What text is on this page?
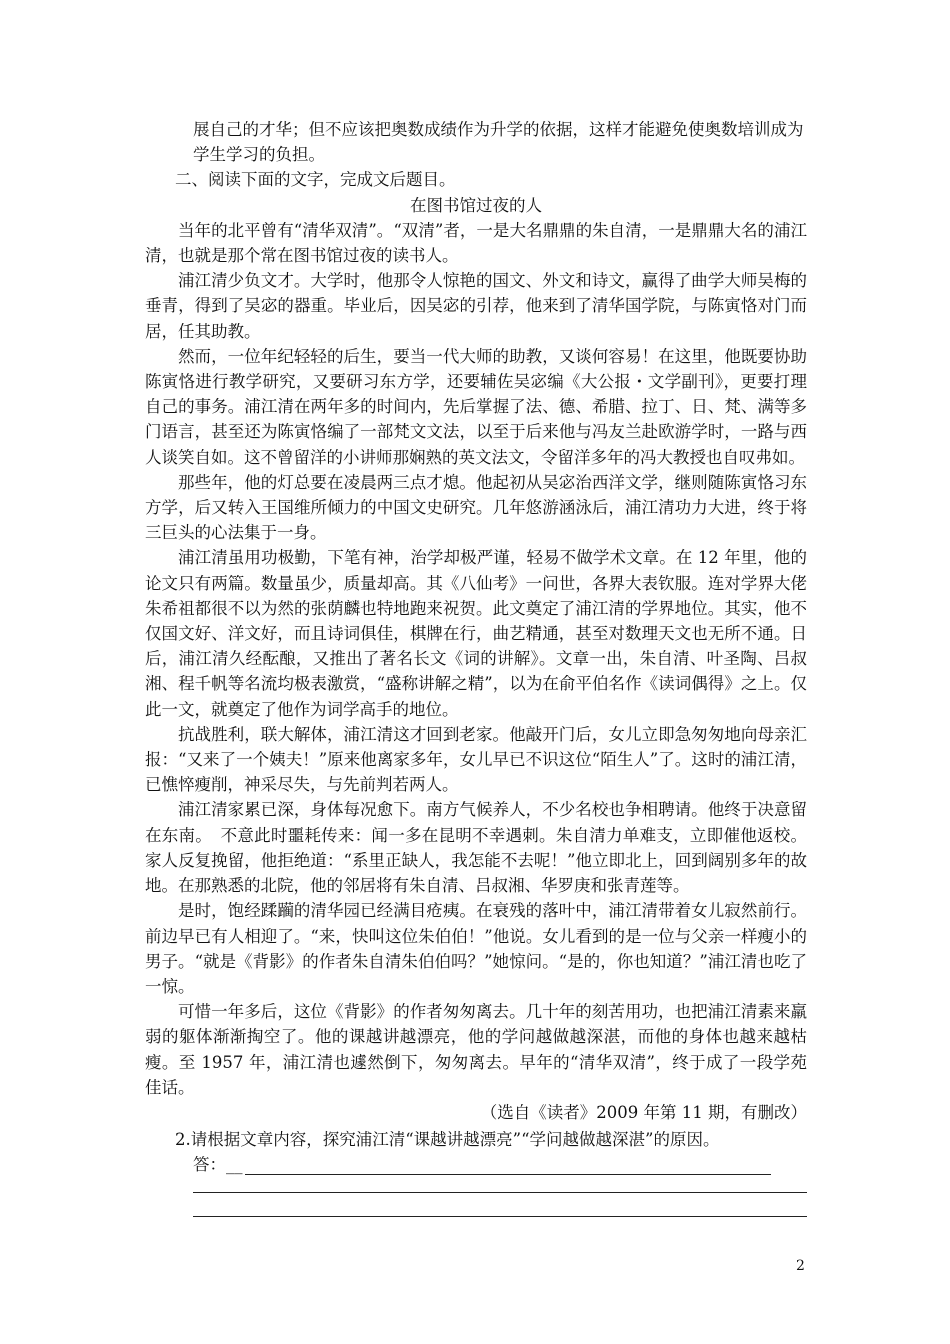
展自己的才华；但不应该把奥数成绩作为升学的依据，这样才能避免使奥数培训成为
学生学习的负担。
二、阅读下面的文字，完成文后题目。
在图书馆过夜的人

当年的北平曾有“清华双清”。“双清”者，一是大名鼎鼎的朱自清，一是鼎鼎大名的浦江清，也就是那个常在图书馆过夜的读书人。

浦江清少负文才。大学时，他那令人惊艳的国文、外文和诗文，赢得了曲学大师吴梅的垂青，得到了吴宓的器重。毕业后，因吴宓的引荐，他来到了清华国学院，与陈寅恪对门而居，任其助教。

然而，一位年纪轻轻的后生，要当一代大师的助教，又谈何容易！在这里，他既要协助陈寅恪进行教学研究，又要研习东方学，还要辅佐吴宓编《大公报・文学副刊》，更要打理自己的事务。浦江清在两年多的时间内，先后掌握了法、德、希腊、拉丁、日、梵、满等多门语言，甚至还为陈寅恪编了一部梵文文法，以至于后来他与冯友兰赴欧游学时，一路与西人谈笑自如。这不曾留洋的小讲师那娴熟的英文法文，令留洋多年的冯大教授也自叹弗如。

那些年，他的灯总要在凌晨两三点才熄。他起初从吴宓治西洋文学，继则随陈寅恪习东方学，后又转入王国维所倾力的中国文史研究。几年悠游涵泳后，浦江清功力大进，终于将三巨头的心法集于一身。

浦江清虽用功极勤，下笔有神，治学却极严谨，轻易不做学术文章。在 12 年里，他的论文只有两篇。数量虽少，质量却高。其《八仙考》一问世，各界大表钦服。连对学界大佬朱希祖都很不以为然的张荫麟也特地跑来祝贺。此文奠定了浦江清的学界地位。其实，他不仅国文好、洋文好，而且诗词俱佳，棋牌在行，曲艺精通，甚至对数理天文也无所不通。日后，浦江清久经酝酿，又推出了著名长文《词的讲解》。文章一出，朱自清、叶圣陶、吕叔湘、程千帆等名流均极表激赏，“盛称讲解之精”，以为在俞平伯名作《读词偶得》之上。仅此一文，就奠定了他作为词学高手的地位。

抗战胜利，联大解体，浦江清这才回到老家。他敲开门后，女儿立即急匆匆地向母亲汇报：“又来了一个姨夫！”原来他离家多年，女儿早已不识这位“陌生人”了。这时的浦江清，已憔悴瘦削，神采尽失，与先前判若两人。

浦江清家累已深，身体每况愈下。南方气候养人，不少名校也争相聘请。他终于决意留在东南。　不意此时噩耗传来：闻一多在昆明不幸遇刺。朱自清力单难支，立即催他返校。家人反复挽留，他拒绝道：“系里正缺人，我怎能不去呢！”他立即北上，回到阔别多年的故地。在那熟悉的北院，他的邻居将有朱自清、吕叔湘、华罗庚和张青莲等。

是时，饱经蹂躏的清华园已经满目疮痍。在衰残的落叶中，浦江清带着女儿寂然前行。前边早已有人相迎了。“来，快叫这位朱伯伯！”他说。女儿看到的是一位与父亲一样瘦小的男子。“就是《背影》的作者朱自清朱伯伯吗？”她惊问。“是的，你也知道？”浦江清也吃了一惊。

可惜一年多后，这位《背影》的作者匆匆离去。几十年的刻苦用功，也把浦江清素来羸弱的躯体渐渐掏空了。他的课越讲越漂亮，他的学问越做越深湛，而他的身体也越来越枯瘦。至 1957 年，浦江清也遽然倒下，匆匆离去。早年的“清华双清”，终于成了一段学苑佳话。

（选自《读者》2009 年第 11 期，有删改）
2.请根据文章内容，探究浦江清“课越讲越漂亮”“学问越做越深湛”的原因。
答：__
2
